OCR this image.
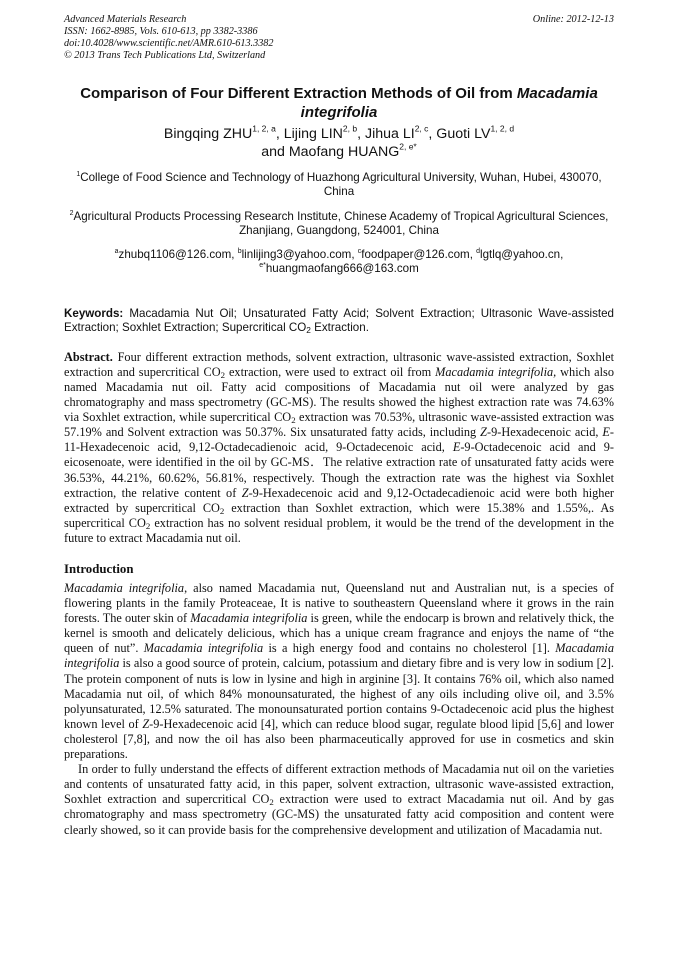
Advanced Materials Research
ISSN: 1662-8985, Vols. 610-613, pp 3382-3386
doi:10.4028/www.scientific.net/AMR.610-613.3382
© 2013 Trans Tech Publications Ltd, Switzerland
Online: 2012-12-13
Comparison of Four Different Extraction Methods of Oil from Macadamia integrifolia
Bingqing ZHU$^{1, 2, a}$, Lijing LIN$^{2, b}$, Jihua LI$^{2, c}$, Guoti LV$^{1, 2, d}$
and Maofang $HUANG^{2, e*}$
$^1$College of Food Science and Technology of Huazhong Agricultural University, Wuhan, Hubei, 430070, China
$^2$Agricultural Products Processing Research Institute, Chinese Academy of Tropical Agricultural Sciences, Zhanjiang, Guangdong, 524001, China
$^a$zhubq1106@126.com, $^b$linlijing3@yahoo.com, $^c$foodpaper@126.com, $^d$lgtlq@yahoo.cn,
$^{e*}$huangmaofang666@163.com
Keywords: Macadamia Nut Oil; Unsaturated Fatty Acid; Solvent Extraction; Ultrasonic Wave-assisted Extraction; Soxhlet Extraction; Supercritical $CO_2$ Extraction.
Abstract. Four different extraction methods, solvent extraction, ultrasonic wave-assisted extraction, Soxhlet extraction and supercritical $CO_2$ extraction, were used to extract oil from Macadamia integrifolia, which also named Macadamia nut oil. Fatty acid compositions of Macadamia nut oil were analyzed by gas chromatography and mass spectrometry (GC-MS). The results showed the highest extraction rate was 74.63% via Soxhlet extraction, while supercritical $CO_2$ extraction was 70.53%, ultrasonic wave-assisted extraction was 57.19% and Solvent extraction was 50.37%. Six unsaturated fatty acids, including Z-9-Hexadecenoic acid, E-11-Hexadecenoic acid, 9,12-Octadecadienoic acid, 9-Octadecenoic acid, E-9-Octadecenoic acid and 9-eicosenoate, were identified in the oil by GC-MS．The relative extraction rate of unsaturated fatty acids were 36.53%, 44.21%, 60.62%, 56.81%, respectively. Though the extraction rate was the highest via Soxhlet extraction, the relative content of Z-9-Hexadecenoic acid and 9,12-Octadecadienoic acid were both higher extracted by supercritical $CO_2$ extraction than Soxhlet extraction, which were 15.38% and 1.55%,. As supercritical $CO_2$ extraction has no solvent residual problem, it would be the trend of the development in the future to extract Macadamia nut oil.
Introduction

Macadamia integrifolia, also named Macadamia nut, Queensland nut and Australian nut, is a species of flowering plants in the family Proteaceae, It is native to southeastern Queensland where it grows in the rain forests. The outer skin of Macadamia integrifolia is green, while the endocarp is brown and relatively thick, the kernel is smooth and delicately delicious, which has a unique cream fragrance and enjoys the name of “the queen of nut”. Macadamia integrifolia is a high energy food and contains no cholesterol [1]. Macadamia integrifolia is also a good source of protein, calcium, potassium and dietary fibre and is very low in sodium [2]. The protein component of nuts is low in lysine and high in arginine [3]. It contains 76% oil, which also named Macadamia nut oil, of which 84% monounsaturated, the highest of any oils including olive oil, and 3.5% polyunsaturated, 12.5% saturated. The monounsaturated portion contains 9-Octadecenoic acid plus the highest known level of Z-9-Hexadecenoic acid [4], which can reduce blood sugar, regulate blood lipid [5,6] and lower cholesterol [7,8], and now the oil has also been pharmaceutically approved for use in cosmetics and skin preparations.

In order to fully understand the effects of different extraction methods of Macadamia nut oil on the varieties and contents of unsaturated fatty acid, in this paper, solvent extraction, ultrasonic wave-assisted extraction, Soxhlet extraction and supercritical $CO_2$ extraction were used to extract Macadamia nut oil. And by gas chromatography and mass spectrometry (GC-MS) the unsaturated fatty acid composition and content were clearly showed, so it can provide basis for the comprehensive development and utilization of Macadamia nut.
